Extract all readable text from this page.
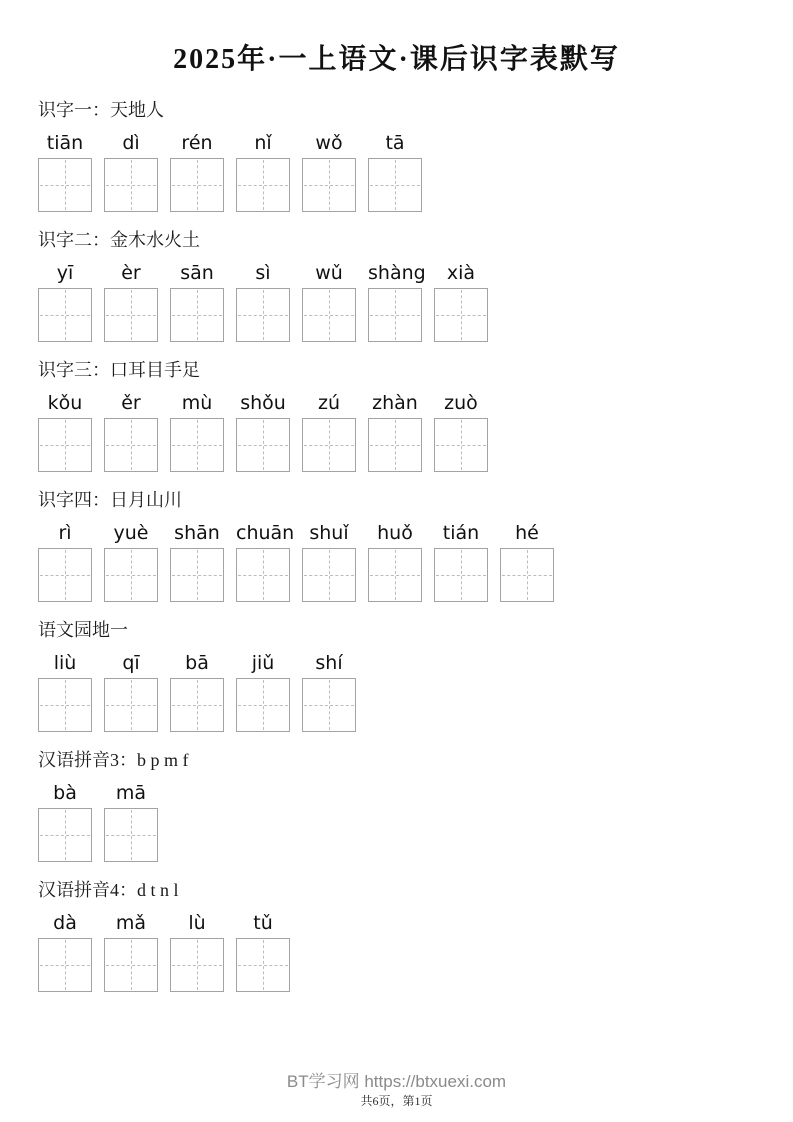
2025年·一上语文·课后识字表默写
识字一：天地人
tiān	dì	rén	nǐ	wǒ	tā
识字二：金木水火土
yī	èr	sān	sì	wǔ	shàng	xià
识字三：口耳目手足
kǒu	ěr	mù	shǒu	zú	zhàn	zuò
识字四：日月山川
rì	yuè	shān chuān shuǐ	huǒ	tián	hé
语文园地一
liù	qī	bā	jiǔ	shí
汉语拼音3：b p m f
bà	mā
汉语拼音4：d t n l
dà	mǎ	lù	tǔ
BT学习网 https://btxuexi.com
共6页，第1页
